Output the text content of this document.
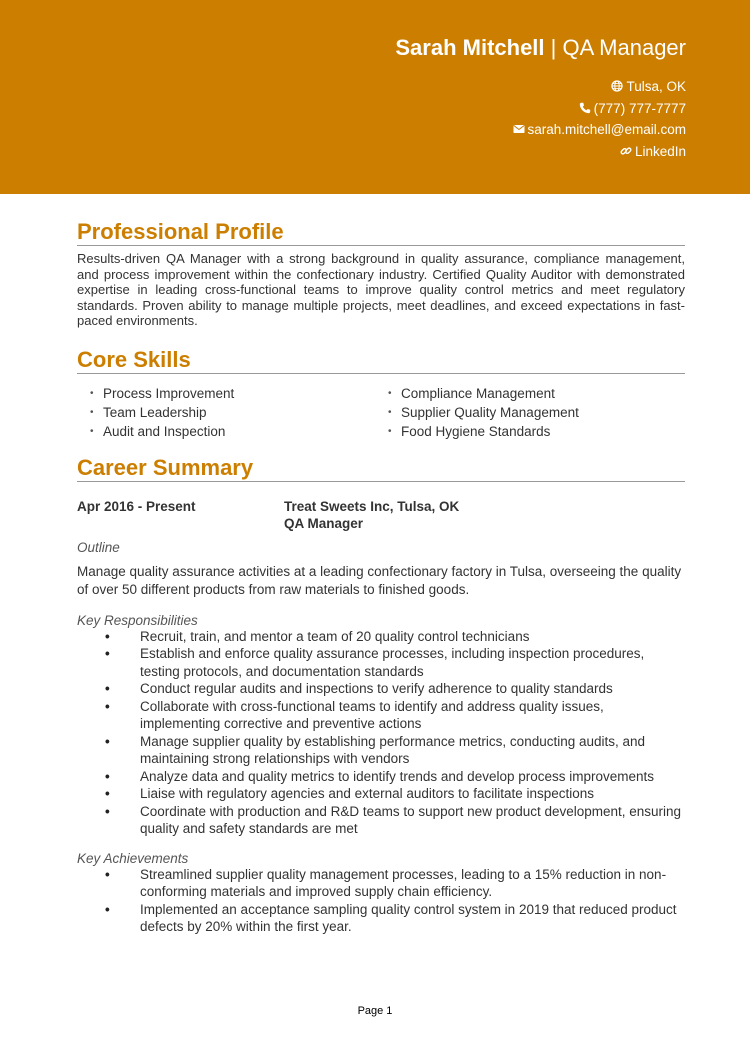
Sarah Mitchell | QA Manager
Tulsa, OK
(777) 777-7777
sarah.mitchell@email.com
LinkedIn
Professional Profile

Results-driven QA Manager with a strong background in quality assurance, compliance management, and process improvement within the confectionary industry. Certified Quality Auditor with demonstrated expertise in leading cross-functional teams to improve quality control metrics and meet regulatory standards. Proven ability to manage multiple projects, meet deadlines, and exceed expectations in fast-paced environments.

Core Skills
• Process Improvement
• Team Leadership
• Audit and Inspection
• Compliance Management
• Supplier Quality Management
• Food Hygiene Standards
Career Summary
Apr 2016 - Present	Treat Sweets Inc, Tulsa, OK
QA Manager
Outline
Manage quality assurance activities at a leading confectionary factory in Tulsa, overseeing the quality of over 50 different products from raw materials to finished goods.
Key Responsibilities
• Recruit, train, and mentor a team of 20 quality control technicians
• Establish and enforce quality assurance processes, including inspection procedures, testing protocols, and documentation standards
• Conduct regular audits and inspections to verify adherence to quality standards
• Collaborate with cross-functional teams to identify and address quality issues, implementing corrective and preventive actions
• Manage supplier quality by establishing performance metrics, conducting audits, and maintaining strong relationships with vendors
• Analyze data and quality metrics to identify trends and develop process improvements
• Liaise with regulatory agencies and external auditors to facilitate inspections
• Coordinate with production and R&D teams to support new product development, ensuring quality and safety standards are met
Key Achievements
• Streamlined supplier quality management processes, leading to a 15% reduction in non-conforming materials and improved supply chain efficiency.
• Implemented an acceptance sampling quality control system in 2019 that reduced product defects by 20% within the first year.
Page 1
